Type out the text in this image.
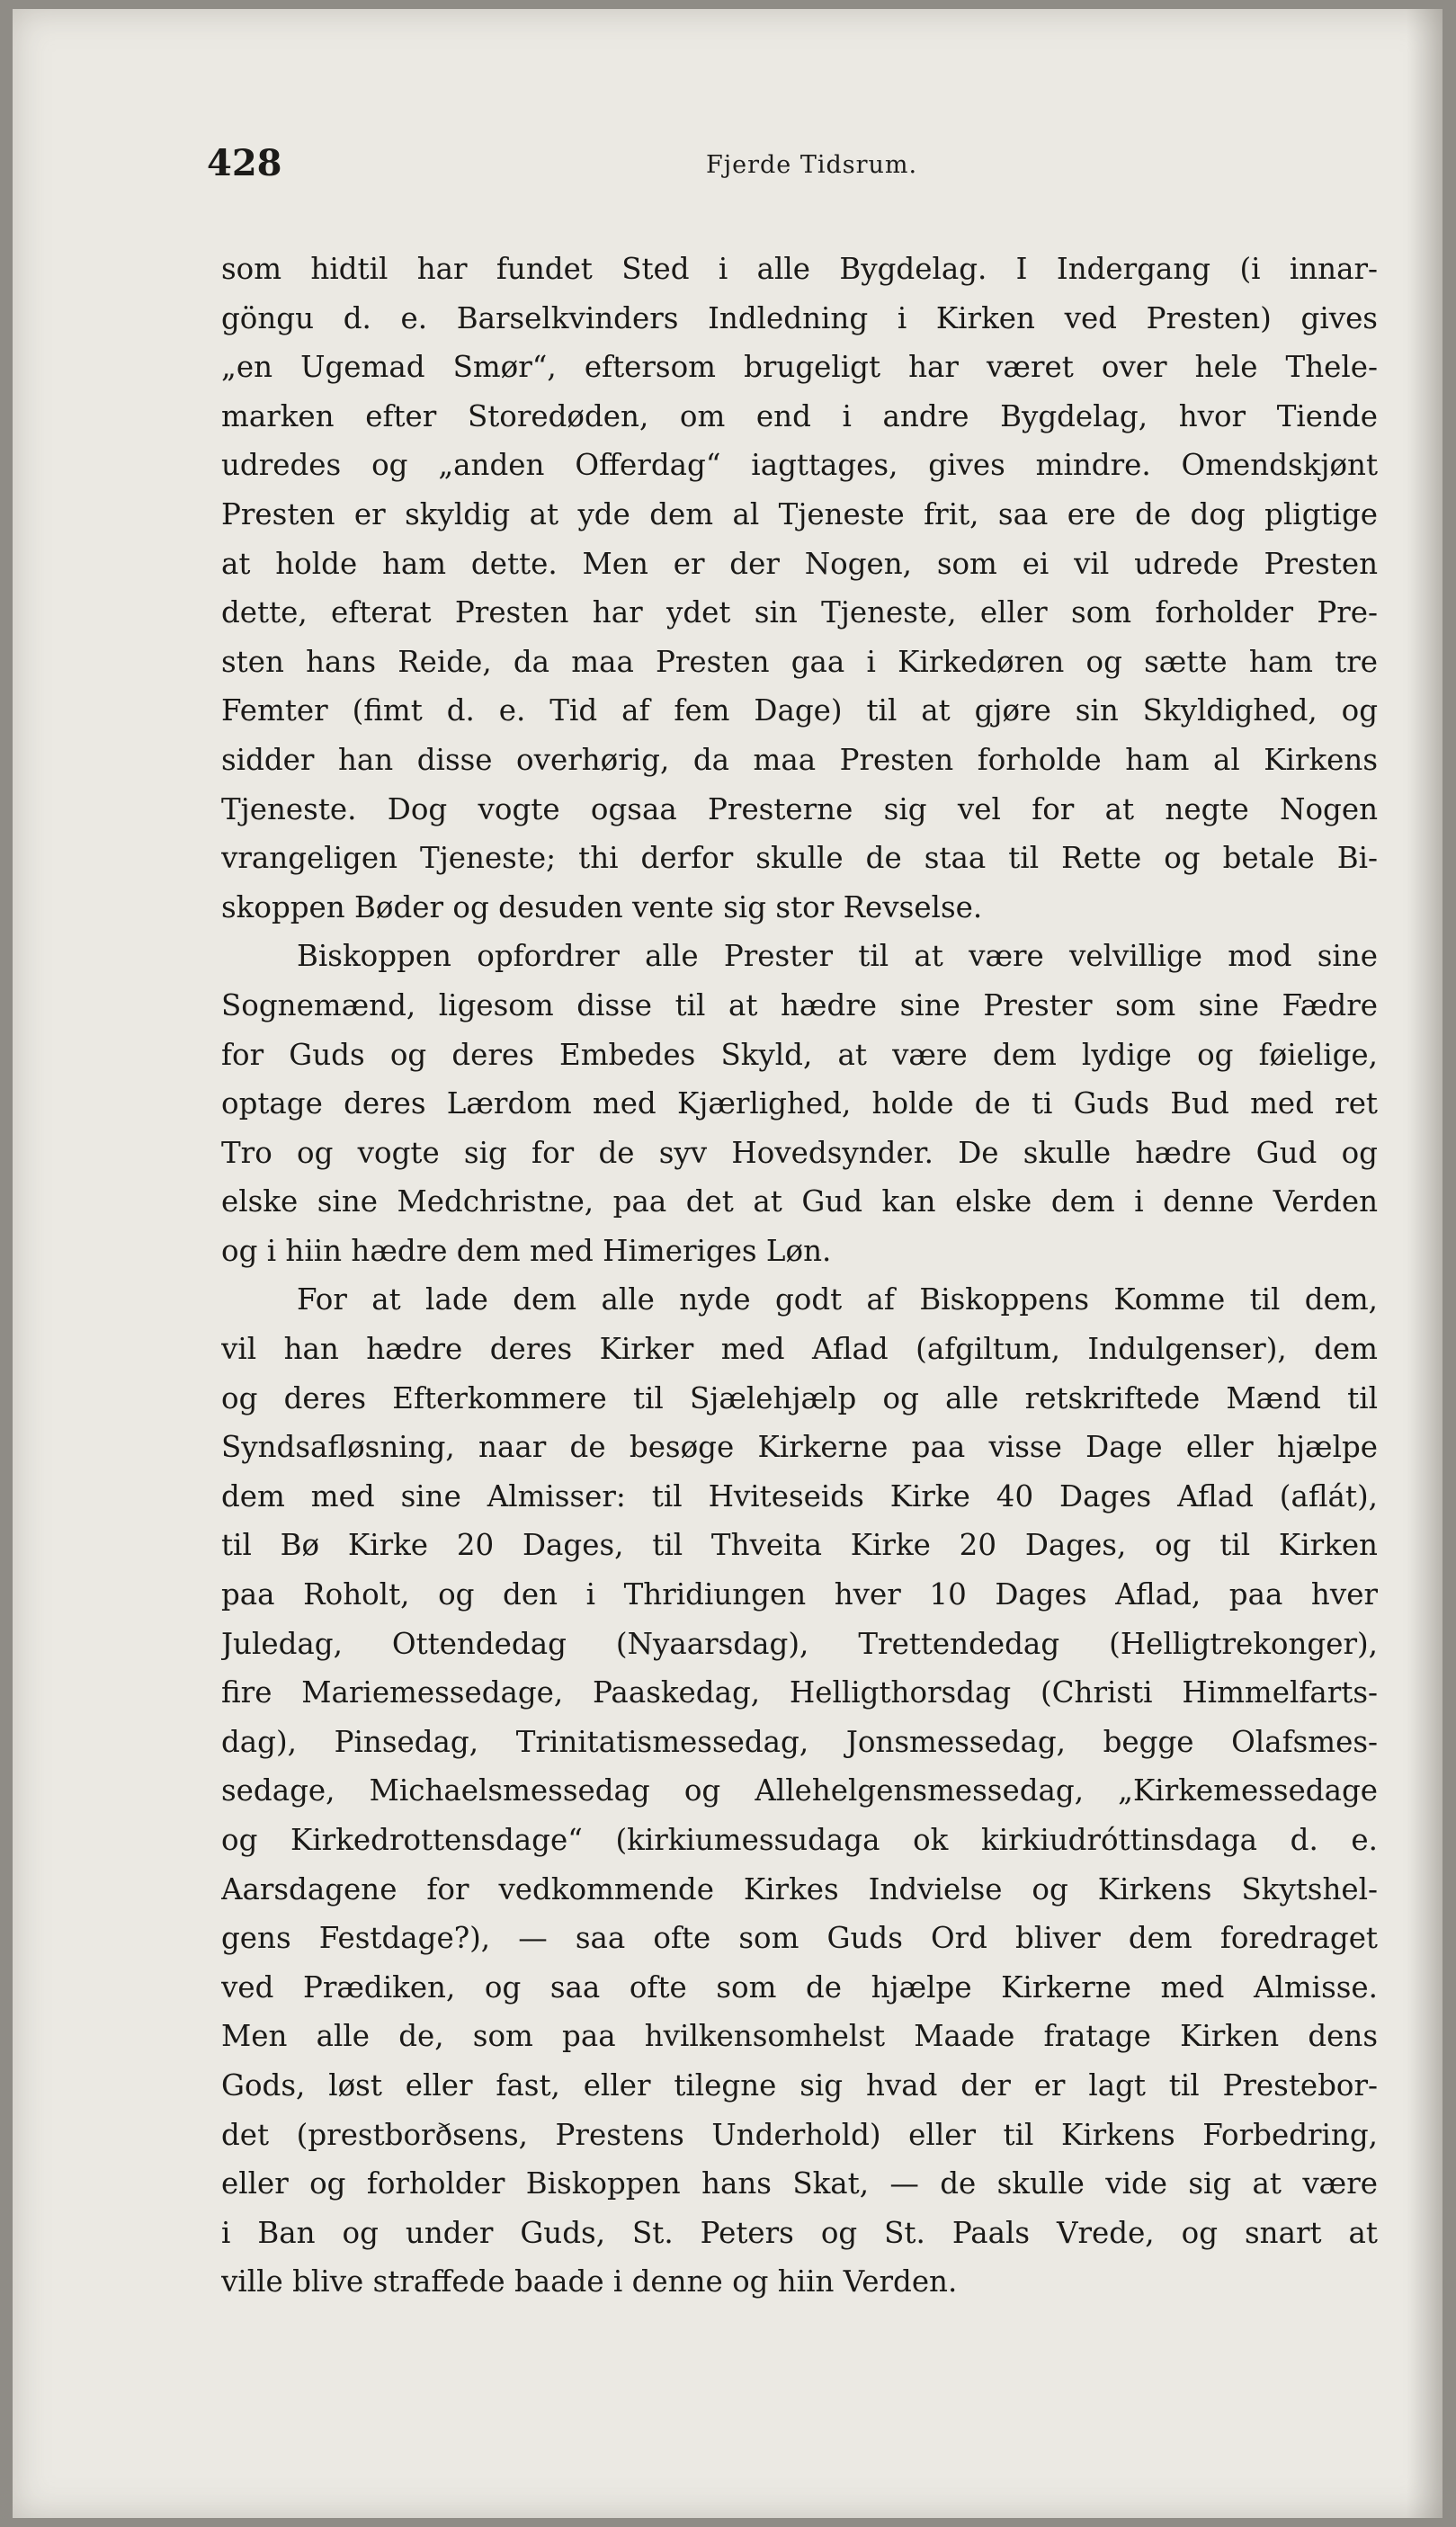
428	Fjerde Tidsrum.
som hidtil har fundet Sted i alle Bygdelag. I Indergang (i innar-
göngu d. e. Barselkvinders Indledning i Kirken ved Presten) gives
„en Ugemad Smør“, eftersom brugeligt har været over hele Thele-
marken efter Storedøden, om end i andre Bygdelag, hvor Tiende
udredes og „anden Offerdag“ iagttages, gives mindre. Omendskjønt
Presten er skyldig at yde dem al Tjeneste frit, saa ere de dog pligtige
at holde ham dette. Men er der Nogen, som ei vil udrede Presten
dette, efterat Presten har ydet sin Tjeneste, eller som forholder Pre-
sten hans Reide, da maa Presten gaa i Kirkedøren og sætte ham tre
Femter (fimt d. e. Tid af fem Dage) til at gjøre sin Skyldighed, og
sidder han disse overhørig, da maa Presten forholde ham al Kirkens
Tjeneste. Dog vogte ogsaa Presterne sig vel for at negte Nogen
vrangeligen Tjeneste; thi derfor skulle de staa til Rette og betale Bi-
skoppen Bøder og desuden vente sig stor Revselse.
Biskoppen opfordrer alle Prester til at være velvillige mod sine
Sognemænd, ligesom disse til at hædre sine Prester som sine Fædre
for Guds og deres Embedes Skyld, at være dem lydige og føielige,
optage deres Lærdom med Kjærlighed, holde de ti Guds Bud med ret
Tro og vogte sig for de syv Hovedsynder. De skulle hædre Gud og
elske sine Medchristne, paa det at Gud kan elske dem i denne Verden
og i hiin hædre dem med Himeriges Løn.
For at lade dem alle nyde godt af Biskoppens Komme til dem,
vil han hædre deres Kirker med Aflad (afgiltum, Indulgenser), dem
og deres Efterkommere til Sjælehjælp og alle retskriftede Mænd til
Syndsafløsning, naar de besøge Kirkerne paa visse Dage eller hjælpe
dem med sine Almisser: til Hviteseids Kirke 40 Dages Aflad (aflát),
til Bø Kirke 20 Dages, til Thveita Kirke 20 Dages, og til Kirken
paa Roholt, og den i Thridiungen hver 10 Dages Aflad, paa hver
Juledag, Ottendedag (Nyaarsdag), Trettendedag (Helligtrekonger),
fire Mariemessedage, Paaskedag, Helligthorsdag (Christi Himmelfarts-
dag), Pinsedag, Trinitatismessedag, Jonsmessedag, begge Olafsmes-
sedage, Michaelsmessedag og Allehelgensmessedag, „Kirkemessedage
og Kirkedrottensdage“ (kirkiumessudaga ok kirkiudróttinsdaga d. e.
Aarsdagene for vedkommende Kirkes Indvielse og Kirkens Skytshel-
gens Festdage?), — saa ofte som Guds Ord bliver dem foredraget
ved Prædiken, og saa ofte som de hjælpe Kirkerne med Almisse.
Men alle de, som paa hvilkensomhelst Maade fratage Kirken dens
Gods, løst eller fast, eller tilegne sig hvad der er lagt til Prestebor-
det (prestborðsens, Prestens Underhold) eller til Kirkens Forbedring,
eller og forholder Biskoppen hans Skat, — de skulle vide sig at være
i Ban og under Guds, St. Peters og St. Paals Vrede, og snart at
ville blive straffede baade i denne og hiin Verden.
